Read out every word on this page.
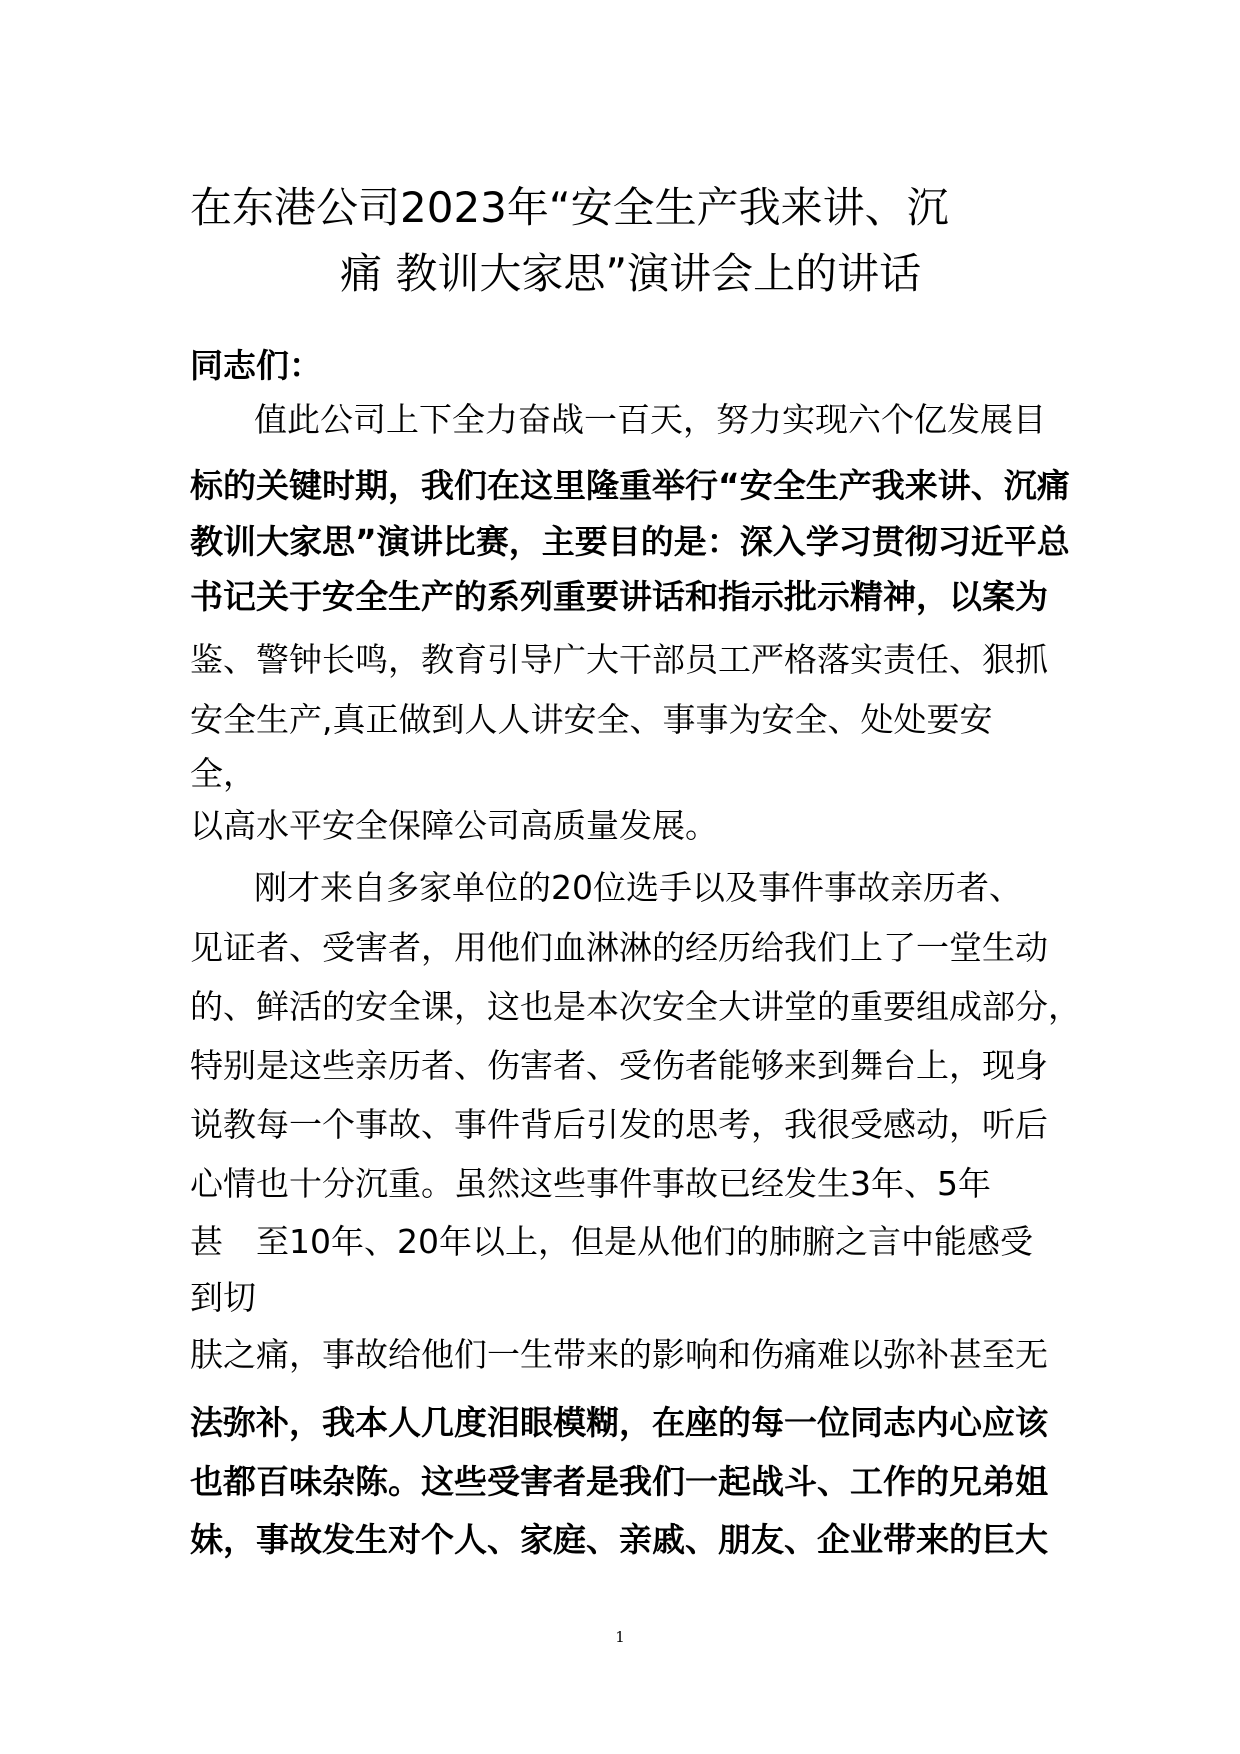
在东港公司2023年“安全生产我来讲、沉
痛 教训大家思”演讲会上的讲话
同志们：
值此公司上下全力奋战一百天，努力实现六个亿发展目
标的关键时期，我们在这里隆重举行“安全生产我来讲、沉痛
教训大家思”演讲比赛，主要目的是：深入学习贯彻习近平总
书记关于安全生产的系列重要讲话和指示批示精神，以案为
鉴、警钟长鸣，教育引导广大干部员工严格落实责任、狠抓
安全生产,真正做到人人讲安全、事事为安全、处处要安
全，
以高水平安全保障公司高质量发展。
刚才来自多家单位的20位选手以及事件事故亲历者、
见证者、受害者，用他们血淋淋的经历给我们上了一堂生动
的、鲜活的安全课，这也是本次安全大讲堂的重要组成部分，
特别是这些亲历者、伤害者、受伤者能够来到舞台上，现身
说教每一个事故、事件背后引发的思考，我很受感动，听后
心情也十分沉重。虽然这些事件事故已经发生3年、5年
甚　至10年、20年以上，但是从他们的肺腑之言中能感受
到切
肤之痛，事故给他们一生带来的影响和伤痛难以弥补甚至无
法弥补，我本人几度泪眼模糊，在座的每一位同志内心应该
也都百味杂陈。这些受害者是我们一起战斗、工作的兄弟姐
妹，事故发生对个人、家庭、亲戚、朋友、企业带来的巨大
1
